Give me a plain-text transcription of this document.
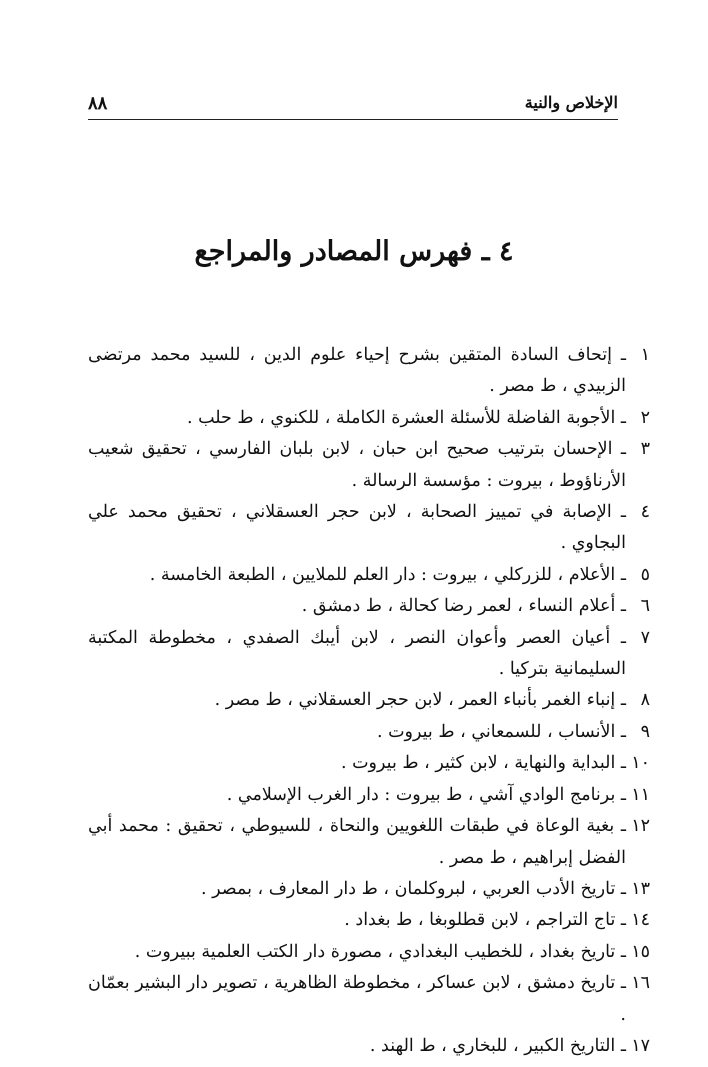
الإخلاص والنية
٨٨
٤ ـ فهرس المصادر والمراجع
١
ـ إتحاف السادة المتقين بشرح إحياء علوم الدين ، للسيد محمد مرتضى الزبيدي ، ط مصر .
٢
ـ الأجوبة الفاضلة للأسئلة العشرة الكاملة ، للكنوي ، ط حلب .
٣
ـ الإحسان بترتيب صحيح ابن حبان ، لابن بلبان الفارسي ، تحقيق شعيب الأرناؤوط ، بيروت : مؤسسة الرسالة .
٤
ـ الإصابة في تمييز الصحابة ، لابن حجر العسقلاني ، تحقيق محمد علي البجاوي .
٥
ـ الأعلام ، للزركلي ، بيروت : دار العلم للملايين ، الطبعة الخامسة .
٦
ـ أعلام النساء ، لعمر رضا كحالة ، ط دمشق .
٧
ـ أعيان العصر وأعوان النصر ، لابن أيبك الصفدي ، مخطوطة المكتبة السليمانية بتركيا .
٨
ـ إنباء الغمر بأنباء العمر ، لابن حجر العسقلاني ، ط مصر .
٩
ـ الأنساب ، للسمعاني ، ط بيروت .
١٠
ـ البداية والنهاية ، لابن كثير ، ط بيروت .
١١
ـ برنامج الوادي آشي ، ط بيروت : دار الغرب الإسلامي .
١٢
ـ بغية الوعاة في طبقات اللغويين والنحاة ، للسيوطي ، تحقيق : محمد أبي الفضل إبراهيم ، ط مصر .
١٣
ـ تاريخ الأدب العربي ، لبروكلمان ، ط دار المعارف ، بمصر .
١٤
ـ تاج التراجم ، لابن قطلوبغا ، ط بغداد .
١٥
ـ تاريخ بغداد ، للخطيب البغدادي ، مصورة دار الكتب العلمية ببيروت .
١٦
ـ تاريخ دمشق ، لابن عساكر ، مخطوطة الظاهرية ، تصوير دار البشير بعمّان .
١٧
ـ التاريخ الكبير ، للبخاري ، ط الهند .
